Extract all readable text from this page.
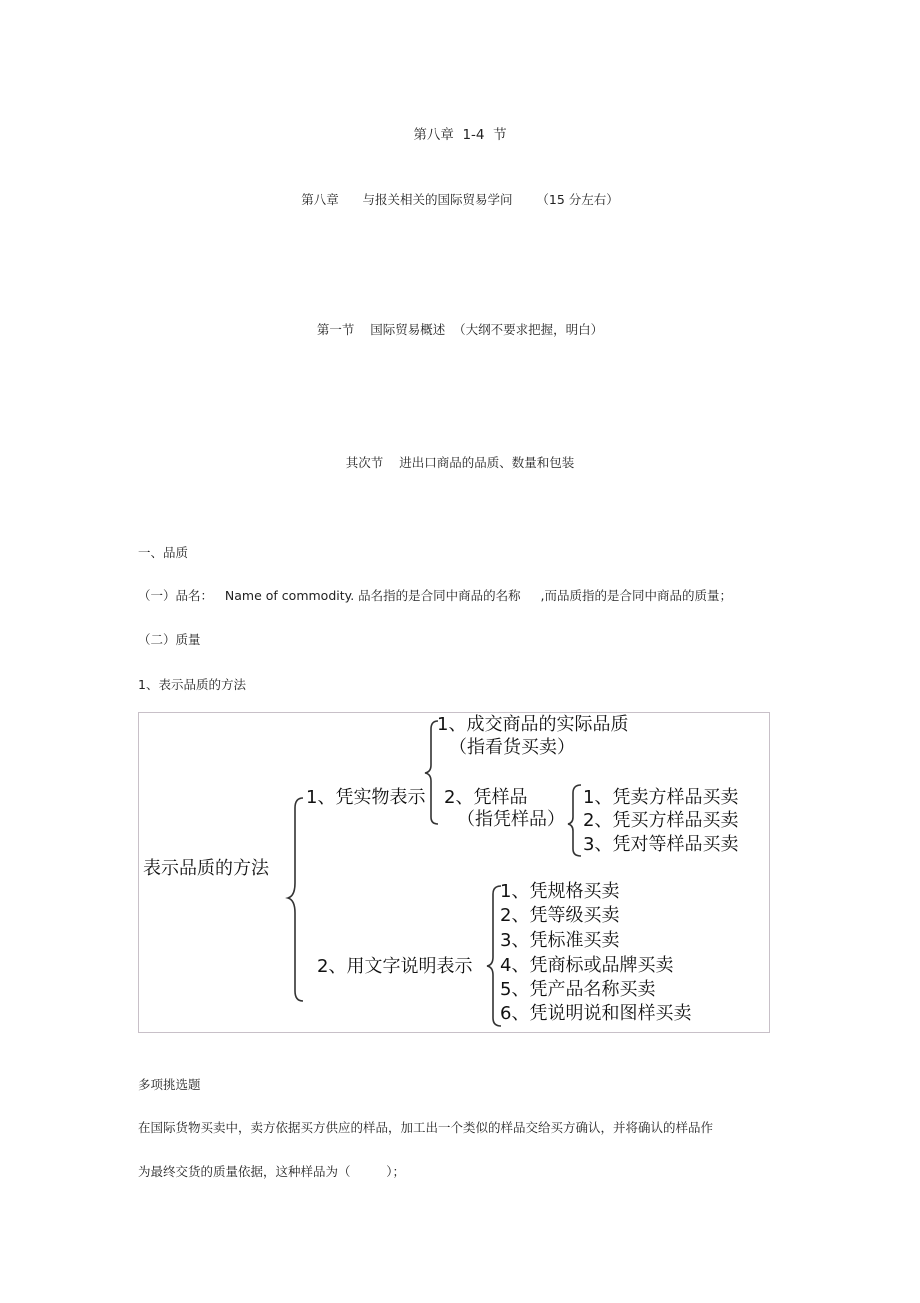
第八章  1-4  节
第八章      与报关相关的国际贸易学问      （15 分左右）
第一节    国际贸易概述  （大纲不要求把握，明白）
其次节    进出口商品的品质、数量和包装
一、品质
（一）品名：   Name of commodity. 品名指的是合同中商品的名称     ,而品质指的是合同中商品的质量；
（二）质量
1、表示品质的方法
表示品质的方法
1、凭实物表示
1、成交商品的实际品质
（指看货买卖）
2、凭样品
（指凭样品）
1、凭卖方样品买卖
2、凭买方样品买卖
3、凭对等样品买卖
2、用文字说明表示
1、凭规格买卖
2、凭等级买卖
3、凭标准买卖
4、凭商标或品牌买卖
5、凭产品名称买卖
6、凭说明说和图样买卖
多项挑选题
在国际货物买卖中，卖方依据买方供应的样品，加工出一个类似的样品交给买方确认，并将确认的样品作
为最终交货的质量依据，这种样品为（         ）；
